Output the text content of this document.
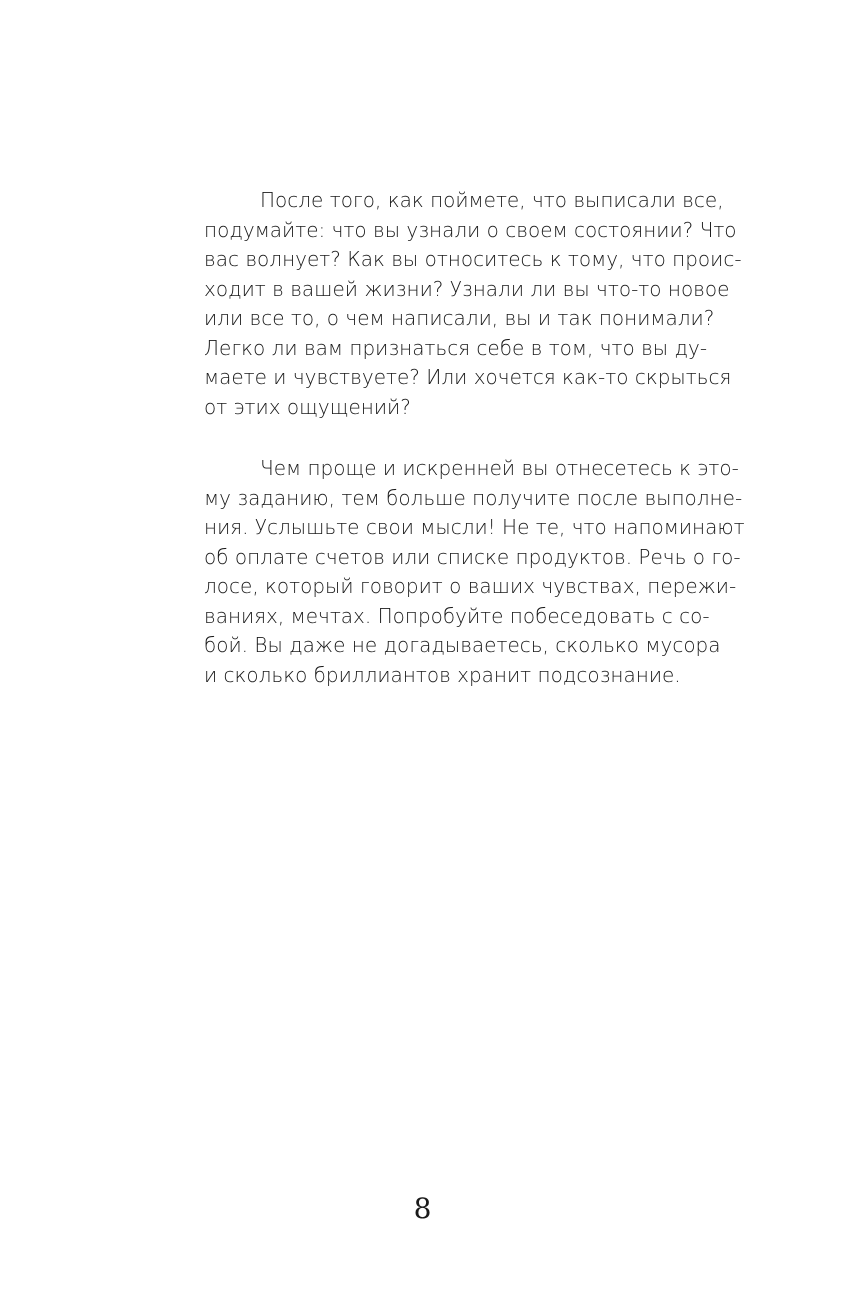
После того, как поймете, что выписали все,
подумайте: что вы узнали о своем состоянии? Что
вас волнует? Как вы относитесь к тому, что проис-
ходит в вашей жизни? Узнали ли вы что-то новое
или все то, о чем написали, вы и так понимали?
Легко ли вам признаться себе в том, что вы ду-
маете и чувствуете? Или хочется как-то скрыться
от этих ощущений?
Чем проще и искренней вы отнесетесь к это-
му заданию, тем больше получите после выполне-
ния. Услышьте свои мысли! Не те, что напоминают
об оплате счетов или списке продуктов. Речь о го-
лосе, который говорит о ваших чувствах, пережи-
ваниях, мечтах. Попробуйте побеседовать с со-
бой. Вы даже не догадываетесь, сколько мусора
и сколько бриллиантов хранит подсознание.
8
